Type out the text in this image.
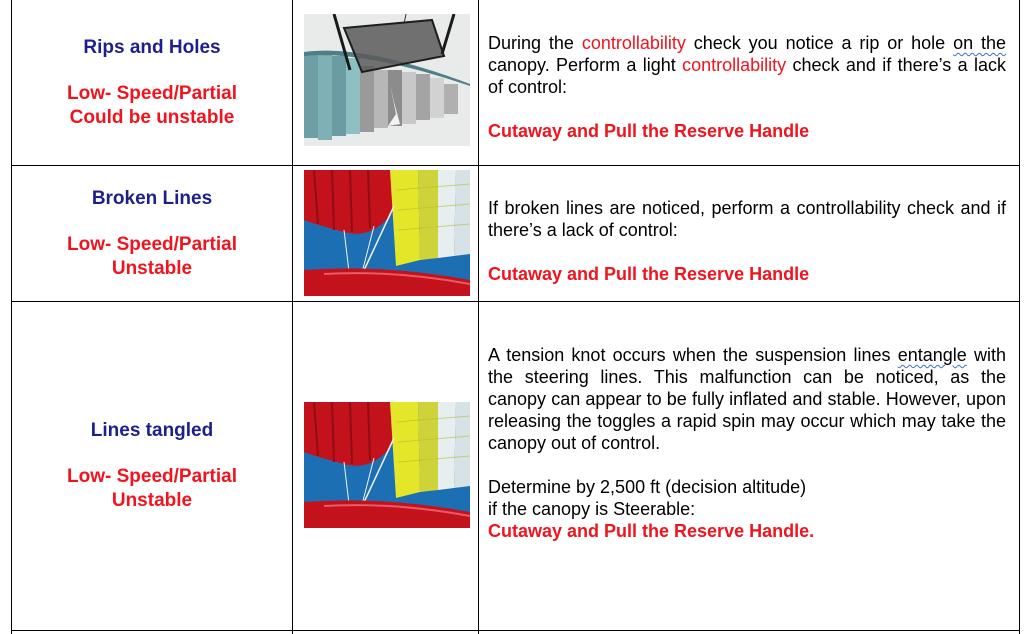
Rips and Holes
Low- Speed/Partial
Could be unstable

During the controllability check you notice a rip or hole on the canopy. Perform a light controllability check and if there’s a lack of control:

Cutaway and Pull the Reserve Handle
Broken Lines
Low- Speed/Partial
Unstable

If broken lines are noticed, perform a controllability check and if there’s a lack of control:

Cutaway and Pull the Reserve Handle
Lines tangled
Low- Speed/Partial
Unstable

A tension knot occurs when the suspension lines entangle with the steering lines. This malfunction can be noticed, as the canopy can appear to be fully inflated and stable. However, upon releasing the toggles a rapid spin may occur which may take the canopy out of control.

Determine by 2,500 ft (decision altitude)
if the canopy is Steerable:
Cutaway and Pull the Reserve Handle.
